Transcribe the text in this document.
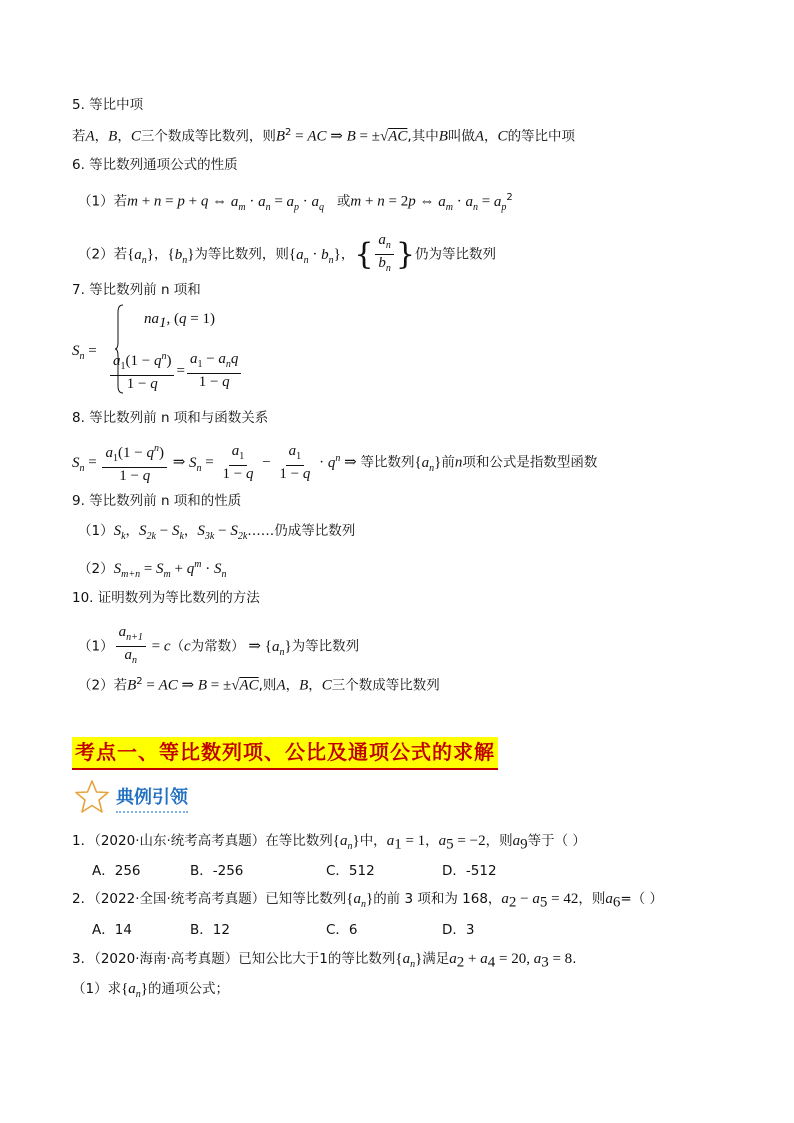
5. 等比中项
若A，B，C三个数成等比数列，则$B^2$ = AC ⇒ B = ±√AC,其中B叫做A，C的等比中项
6. 等比数列通项公式的性质
（1）若m + n = p + q ⇔ $a_m \cdot a_n = a_p \cdot a_q$ 或m + n = 2p ⇔ $a_m \cdot a_n = a_p^2$
（2）若$\{a_n\}$，$\{b_n\}$为等比数列，则$\{a_n \cdot b_n\}$， { $\frac{a_n}{b_n}$ } 仍为等比数列
7. 等比数列前 n 项和
$S_n$ =
$na_1$, (q = 1)
$\frac{a_1(1 - q^n)}{1 - q} = \frac{a_1 - a_nq}{1 - q}$
8. 等比数列前 n 项和与函数关系
$S_n = \frac{a_1(1 - q^n)}{1 - q}$ ⇒ $S_n = \frac{a_1}{1 - q} - \frac{a_1}{1 - q} \cdot q^n$ ⇒ 等比数列$\{a_n\}$前n项和公式是指数型函数
9. 等比数列前 n 项和的性质
$(1)S_k$，$S_{2k} - S_k$，$S_{3k}$ − $S_{2k}\dots\dots$仍成等比数列
$(2)S_{m+n} = S_m + q^m \cdot S_n$
10. 证明数列为等比数列的方法
$(1) \frac{a_{n+1}}{a_n} = c(c$为常数） ⇒ $\{a_n\}$为等比数列
（2）若$B^2$ = AC ⇒ B = ±√AC,则A，B，C三个数成等比数列
考点一、等比数列项、公比及通项公式的求解
典例引领
1．（2020·山东·统考高考真题）在等比数列$\{a_n\}$中，$a_1 = 1$，$a_5 = -2$，则$a_9$等于（ ）
A．256	B．-256	C．512	D．-512
2．（2022·全国·统考高考真题）已知等比数列$\{a_n\}$的前 3 项和为 168，$a_2 - a_5 = 42$，则$a_6=$（ ）
A．14	B．12	C．6	D．3
3．（2020·海南·高考真题）已知公比大于1的等比数列$\{a_n\}$满足$a_2 + a_4 = 20$, $a_3 = 8$.
（1）求$\{a_n\}$的通项公式；
